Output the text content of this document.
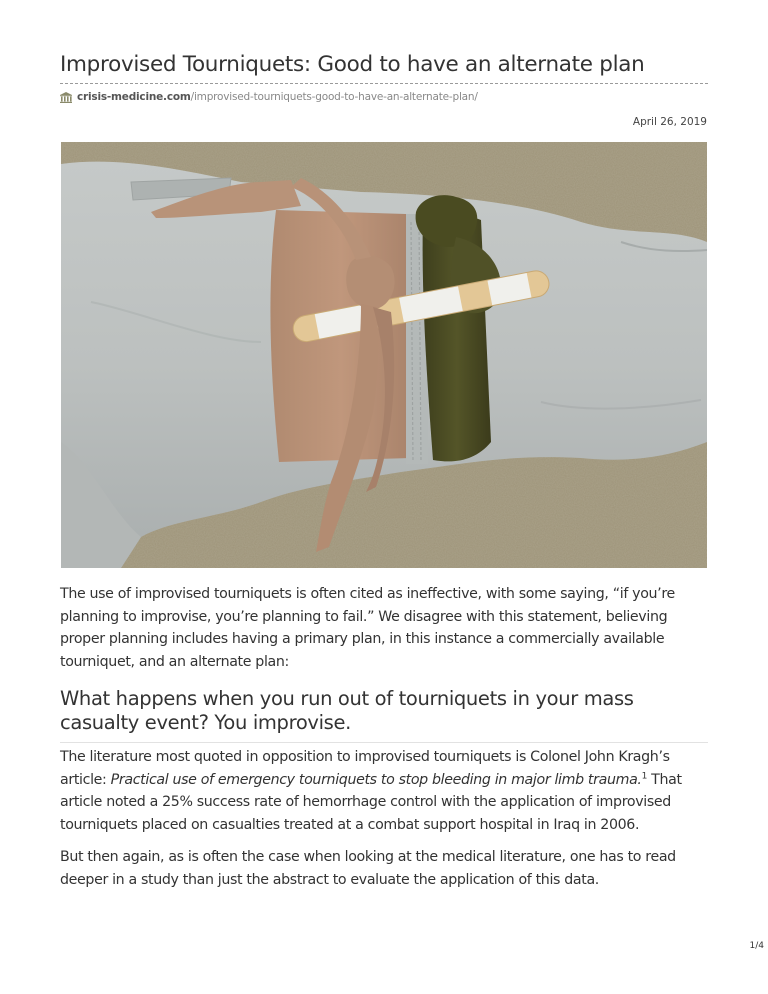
Improvised Tourniquets: Good to have an alternate plan
crisis-medicine.com /improvised-tourniquets-good-to-have-an-alternate-plan/
April 26, 2019

The use of improvised tourniquets is often cited as ineffective, with some saying, “if you’re planning to improvise, you’re planning to fail.” We disagree with this statement, believing proper planning includes having a primary plan, in this instance a commercially available tourniquet, and an alternate plan:

What happens when you run out of tourniquets in your mass casualty event? You improvise.

The literature most quoted in opposition to improvised tourniquets is Colonel John Kragh’s article: Practical use of emergency tourniquets to stop bleeding in major limb trauma.$^1$ That article noted a 25% success rate of hemorrhage control with the application of improvised tourniquets placed on casualties treated at a combat support hospital in Iraq in 2006.

But then again, as is often the case when looking at the medical literature, one has to read deeper in a study than just the abstract to evaluate the application of this data.

1/4
